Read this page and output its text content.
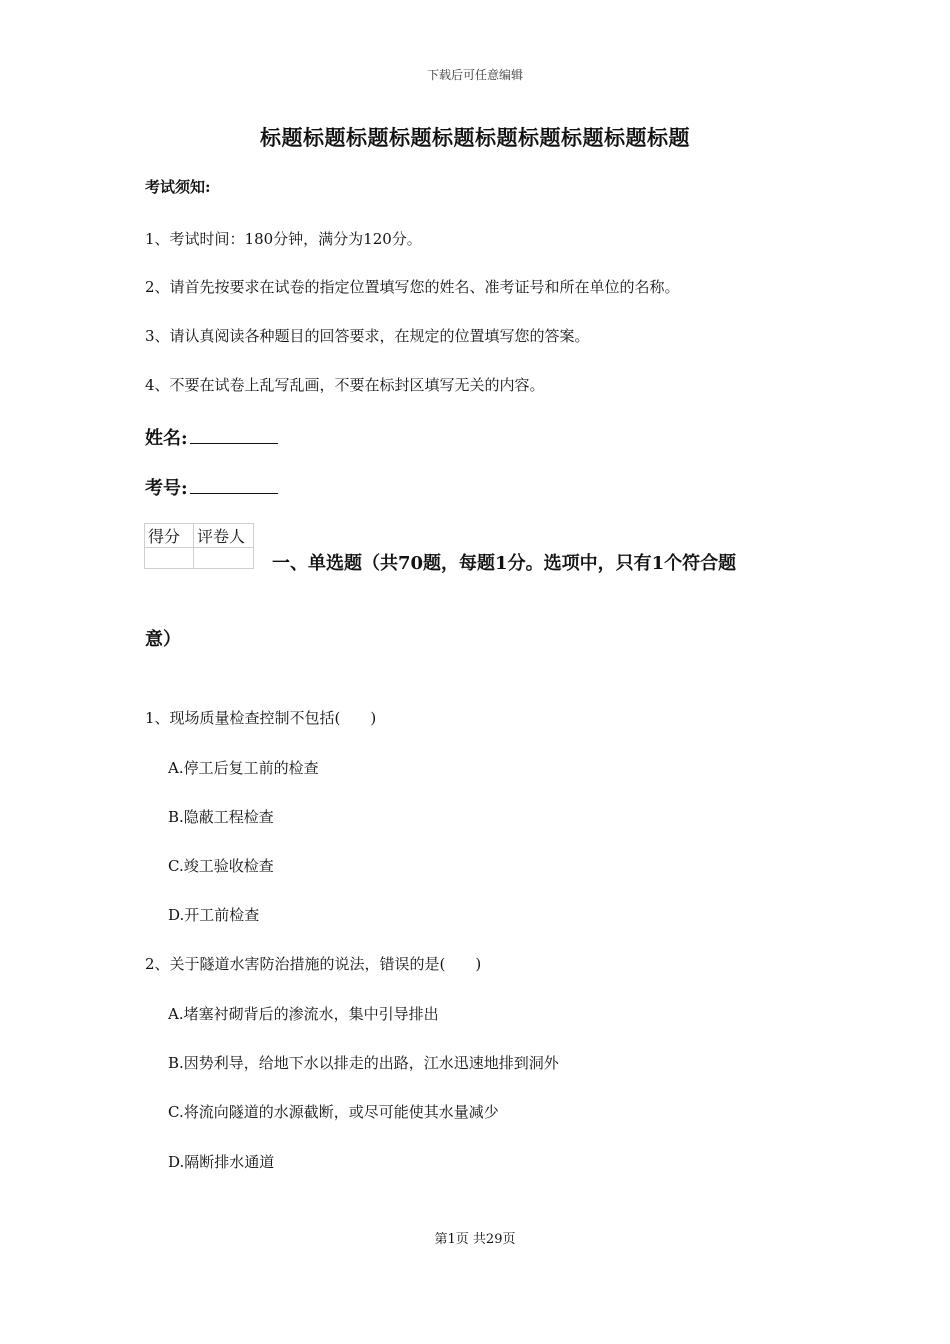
下载后可任意编辑
标题标题标题标题标题标题标题标题标题标题
考试须知:
1、考试时间：180分钟，满分为120分。
2、请首先按要求在试卷的指定位置填写您的姓名、准考证号和所在单位的名称。
3、请认真阅读各种题目的回答要求，在规定的位置填写您的答案。
4、不要在试卷上乱写乱画，不要在标封区填写无关的内容。
姓名:
考号:
得分	评卷人

一、单选题（共70题，每题1分。选项中，只有1个符合题
意）
1、现场质量检查控制不包括(　　)
A.停工后复工前的检查
B.隐蔽工程检查
C.竣工验收检查
D.开工前检查
2、关于隧道水害防治措施的说法，错误的是(　　)
A.堵塞衬砌背后的渗流水，集中引导排出
B.因势利导，给地下水以排走的出路，江水迅速地排到洞外
C.将流向隧道的水源截断，或尽可能使其水量减少
D.隔断排水通道
第1页 共29页
